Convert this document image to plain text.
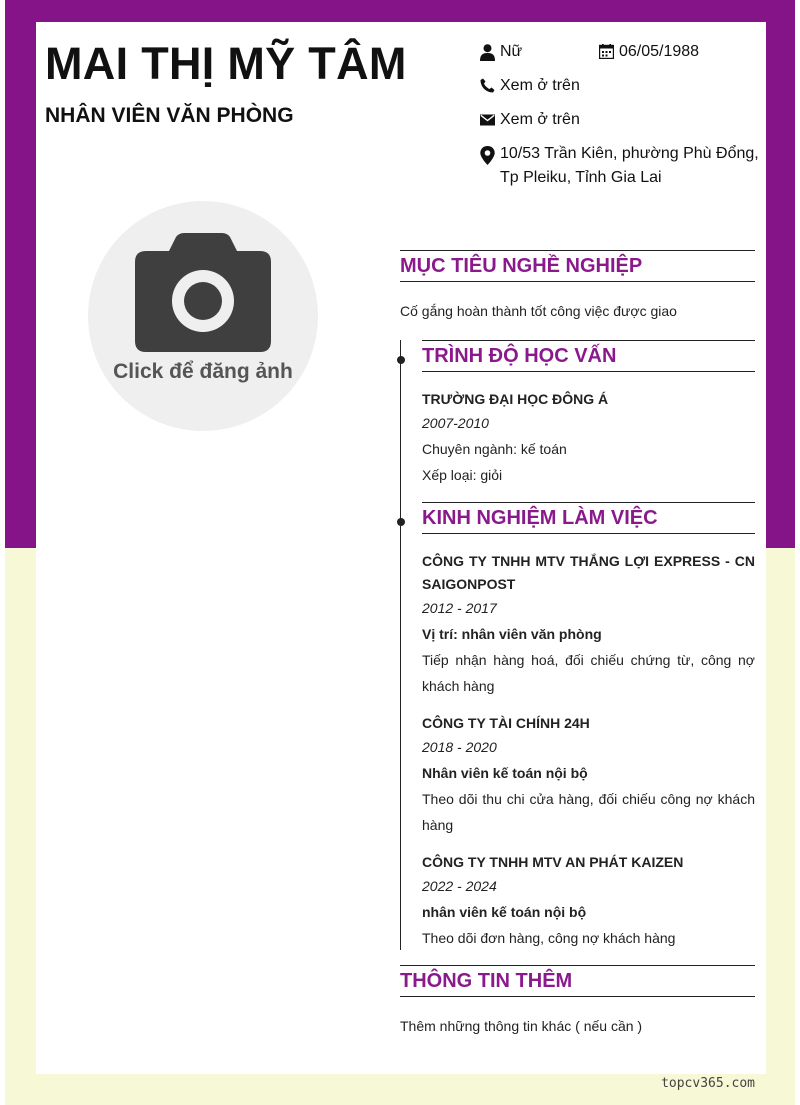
MAI THỊ MỸ TÂM
NHÂN VIÊN VĂN PHÒNG
Nữ	06/05/1988
Xem ở trên
Xem ở trên
10/53 Trần Kiên, phường Phù Đổng, Tp Pleiku, Tỉnh Gia Lai
Click để đăng ảnh
MỤC TIÊU NGHỀ NGHIỆP
Cố gắng hoàn thành tốt công việc được giao
TRÌNH ĐỘ HỌC VẤN
TRƯỜNG ĐẠI HỌC ĐÔNG Á
2007-2010
Chuyên ngành: kế toán
Xếp loại: giỏi
KINH NGHIỆM LÀM VIỆC
CÔNG TY TNHH MTV THẮNG LỢI EXPRESS - CN SAIGONPOST
2012 - 2017
Vị trí: nhân viên văn phòng
Tiếp nhận hàng hoá, đối chiếu chứng từ, công nợ khách hàng
CÔNG TY TÀI CHÍNH 24H
2018 - 2020
Nhân viên kế toán nội bộ
Theo dõi thu chi cửa hàng, đối chiếu công nợ khách hàng
CÔNG TY TNHH MTV AN PHÁT KAIZEN
2022 - 2024
nhân viên kế toán nội bộ
Theo dõi đơn hàng, công nợ khách hàng
THÔNG TIN THÊM
Thêm những thông tin khác ( nếu cần )
topcv365.com
